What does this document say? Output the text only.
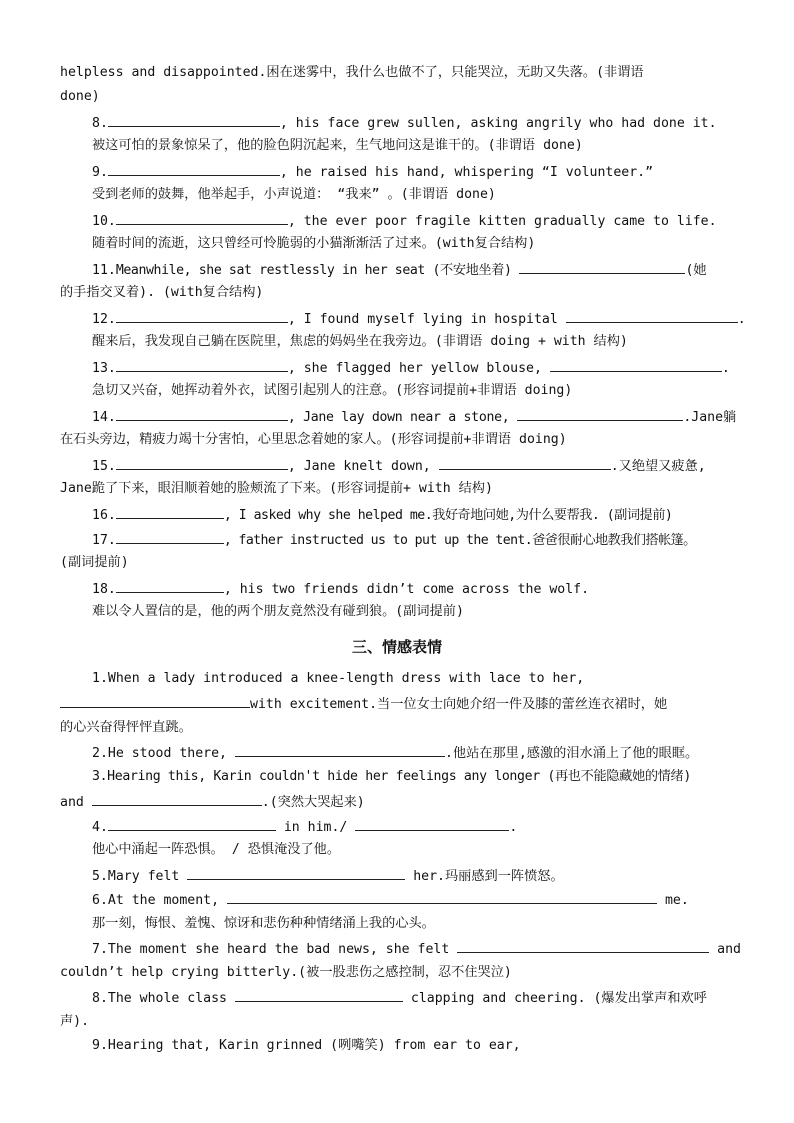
helpless and disappointed.困在迷雾中，我什么也做不了，只能哭泣，无助又失落。(非谓语
done)
8.	, his face grew sullen, asking angrily who had done it.
被这可怕的景象惊呆了，他的脸色阴沉起来，生气地问这是谁干的。(非谓语 done)
9.	, he raised his hand, whispering “I volunteer.”
受到老师的鼓舞，他举起手，小声说道： “我来” 。(非谓语 done)
10.	, the ever poor fragile kitten gradually came to life.
随着时间的流逝，这只曾经可怜脆弱的小猫渐渐活了过来。(with复合结构)
11.Meanwhile, she sat restlessly in her seat (不安地坐着)	(她
的手指交叉着). (with复合结构)
12.	, I found myself lying in hospital	.
醒来后，我发现自己躺在医院里，焦虑的妈妈坐在我旁边。(非谓语 doing + with 结构)
13.	, she flagged her yellow blouse,	.
急切又兴奋，她挥动着外衣，试图引起别人的注意。(形容词提前+非谓语 doing)
14.	, Jane lay down near a stone,	.Jane躺
在石头旁边，精疲力竭十分害怕，心里思念着她的家人。(形容词提前+非谓语 doing)
15.	, Jane knelt down,	.又绝望又疲惫,
Jane跪了下来，眼泪顺着她的脸颊流了下来。(形容词提前+ with 结构)
16.	, I asked why she helped me.我好奇地问她,为什么要帮我. (副词提前)
17.	, father instructed us to put up the tent.爸爸很耐心地教我们搭帐篷。
(副词提前)
18.	, his two friends didn’t come across the wolf.
难以令人置信的是，他的两个朋友竟然没有碰到狼。(副词提前)
三、情感表情
1.When a lady introduced a knee-length dress with lace to her,
with excitement.当一位女士向她介绍一件及膝的蕾丝连衣裙时，她
的心兴奋得怦怦直跳。
2.He stood there,	.他站在那里,感激的泪水涌上了他的眼眶。
3.Hearing this, Karin couldn't hide her feelings any longer (再也不能隐藏她的情绪)
and	.(突然大哭起来)
4.	in him./	.
他心中涌起一阵恐惧。 / 恐惧淹没了他。
5.Mary felt	her.玛丽感到一阵愤怒。
6.At the moment,	me.
那一刻，悔恨、羞愧、惊讶和悲伤种种情绪涌上我的心头。
7.The moment she heard the bad news, she felt	and
couldn’t help crying bitterly.(被一股悲伤之感控制，忍不住哭泣)
8.The whole class	clapping and cheering. (爆发出掌声和欢呼
声).
9.Hearing that, Karin grinned (咧嘴笑) from ear to ear,
